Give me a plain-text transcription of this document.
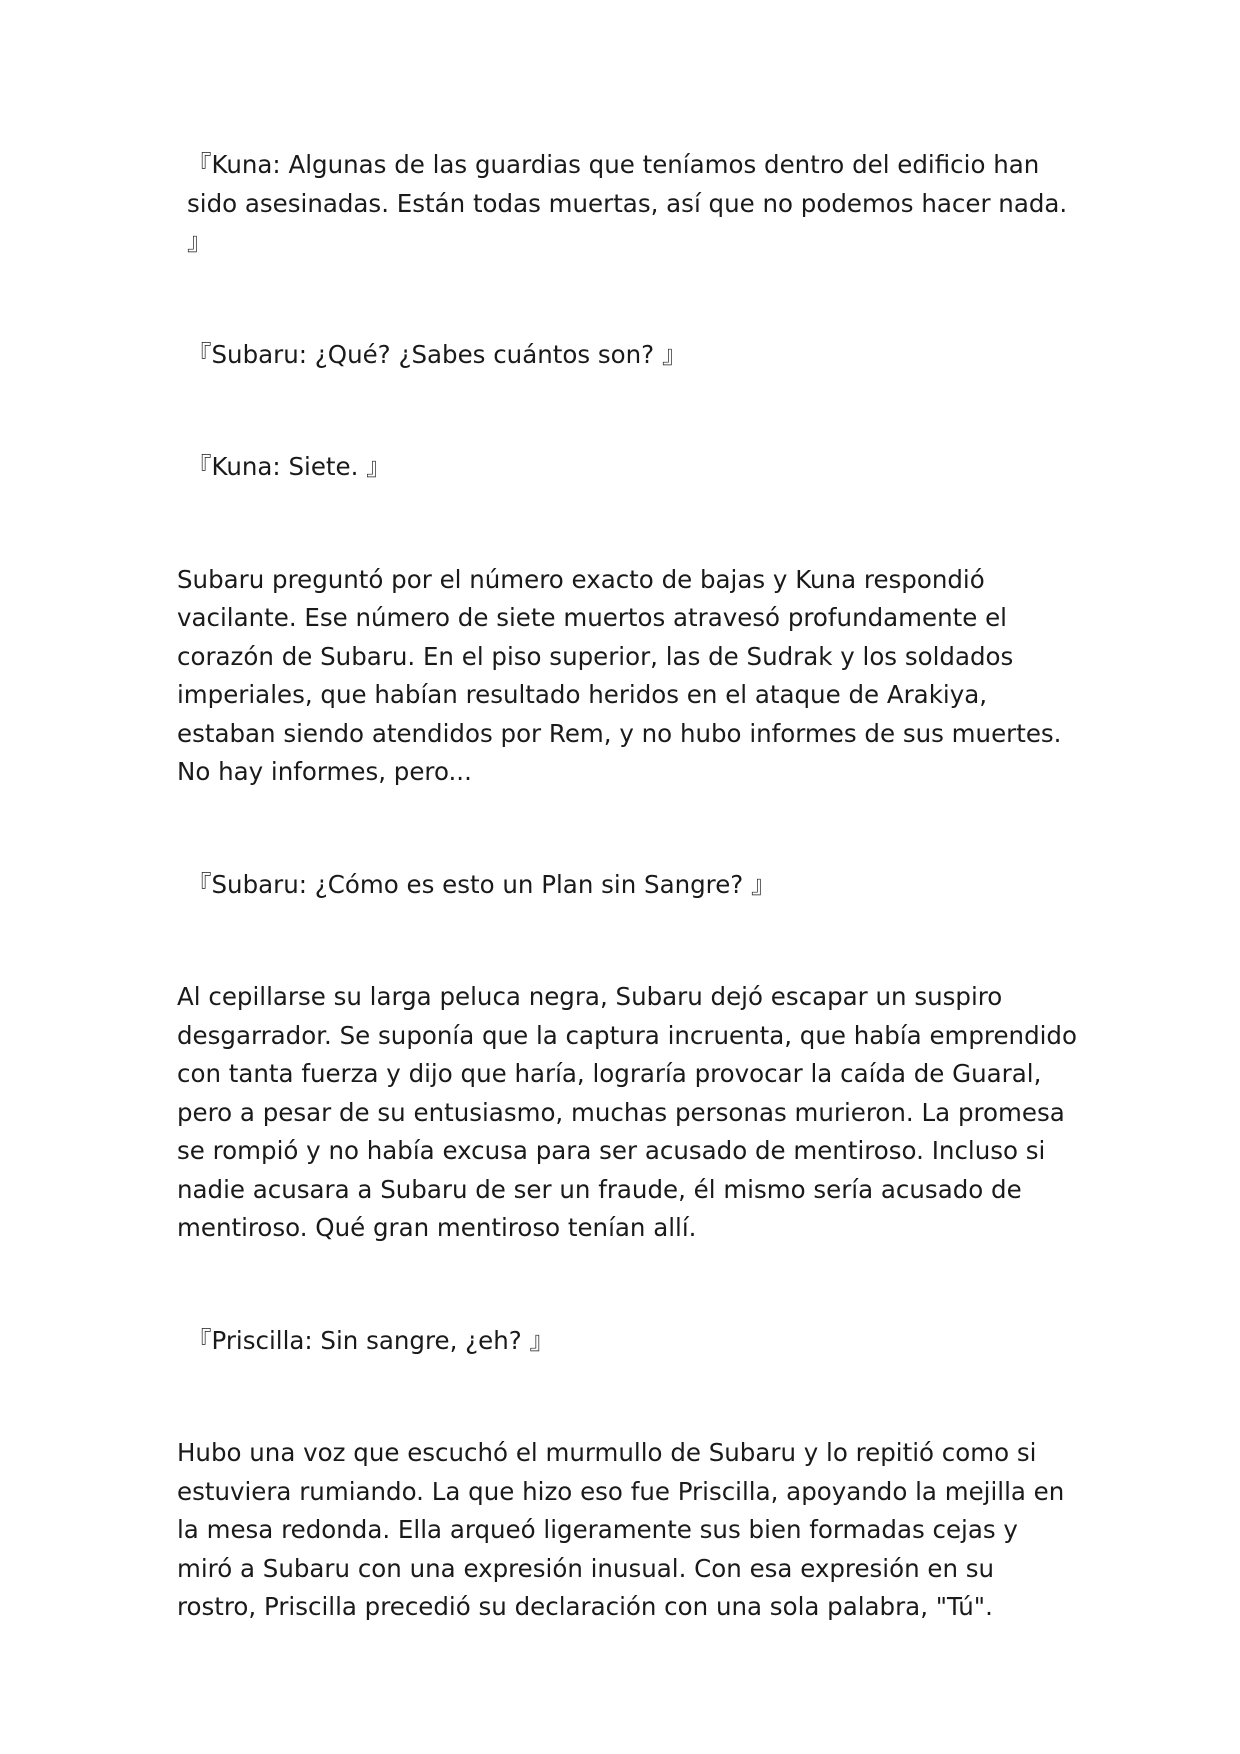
『Kuna: Algunas de las guardias que teníamos dentro del edificio han sido asesinadas. Están todas muertas, así que no podemos hacer nada. 』

『Subaru: ¿Qué? ¿Sabes cuántos son? 』

『Kuna: Siete. 』

Subaru preguntó por el número exacto de bajas y Kuna respondió vacilante. Ese número de siete muertos atravesó profundamente el corazón de Subaru. En el piso superior, las de Sudrak y los soldados imperiales, que habían resultado heridos en el ataque de Arakiya, estaban siendo atendidos por Rem, y no hubo informes de sus muertes. No hay informes, pero...

『Subaru: ¿Cómo es esto un Plan sin Sangre? 』

Al cepillarse su larga peluca negra, Subaru dejó escapar un suspiro desgarrador. Se suponía que la captura incruenta, que había emprendido con tanta fuerza y dijo que haría, lograría provocar la caída de Guaral, pero a pesar de su entusiasmo, muchas personas murieron. La promesa se rompió y no había excusa para ser acusado de mentiroso. Incluso si nadie acusara a Subaru de ser un fraude, él mismo sería acusado de mentiroso. Qué gran mentiroso tenían allí.

『Priscilla: Sin sangre, ¿eh? 』

Hubo una voz que escuchó el murmullo de Subaru y lo repitió como si estuviera rumiando. La que hizo eso fue Priscilla, apoyando la mejilla en la mesa redonda. Ella arqueó ligeramente sus bien formadas cejas y miró a Subaru con una expresión inusual. Con esa expresión en su rostro, Priscilla precedió su declaración con una sola palabra, "Tú".
